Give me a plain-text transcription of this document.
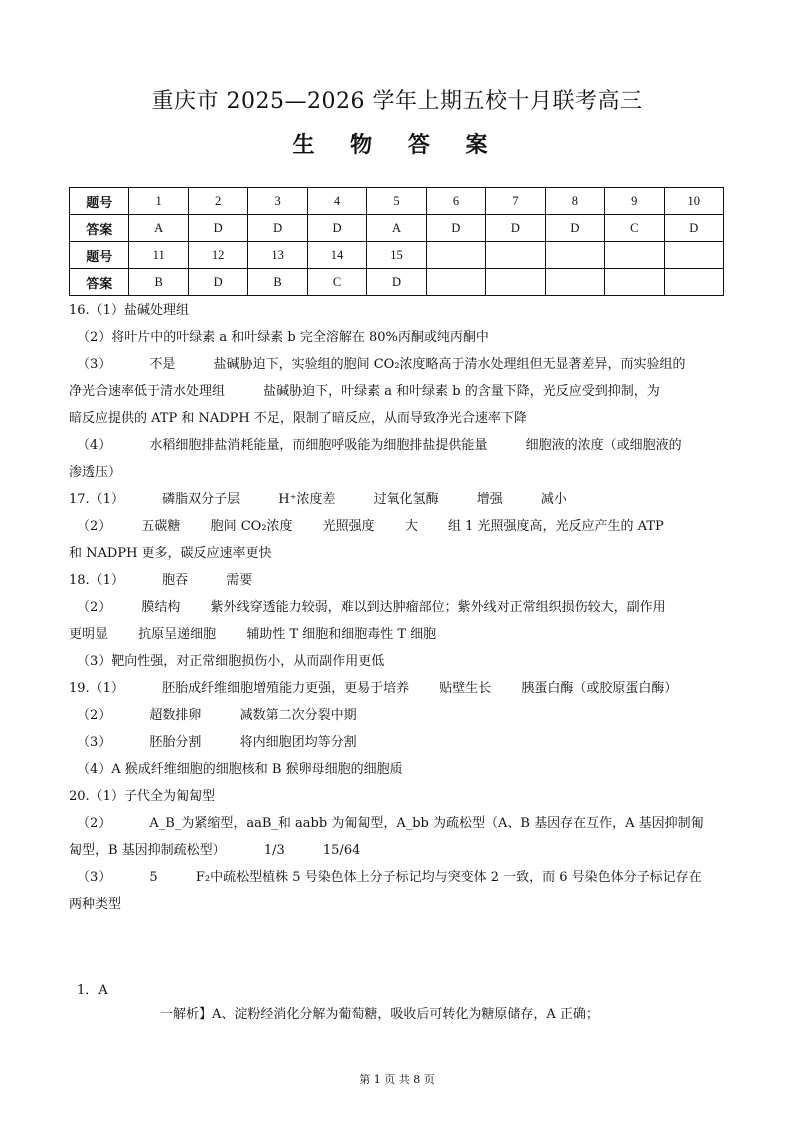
重庆市 2025—2026 学年上期五校十月联考高三
生 物 答 案
题号	1	2	3	4	5	6	7	8	9	10
答案	A	D	D	D	A	D	D	D	C	D
题号	11	12	13	14	15					
答案	B	D	B	C	D					
16.（1）盐碱处理组
（2）将叶片中的叶绿素 a 和叶绿素 b 完全溶解在 80%丙酮或纯丙酮中
（3）	不是	盐碱胁迫下，实验组的胞间 CO₂浓度略高于清水处理组但无显著差异，而实验组的
净光合速率低于清水处理组	盐碱胁迫下，叶绿素 a 和叶绿素 b 的含量下降，光反应受到抑制，为
暗反应提供的 ATP 和 NADPH 不足，限制了暗反应，从而导致净光合速率下降
（4）	水稻细胞排盐消耗能量，而细胞呼吸能为细胞排盐提供能量	细胞液的浓度（或细胞液的
渗透压）
17.（1）	磷脂双分子层	H⁺浓度差	过氧化氢酶	增强	减小
（2） 五碳糖 胞间 CO₂浓度 光照强度 大 组 1 光照强度高，光反应产生的 ATP
和 NADPH 更多，碳反应速率更快
18.（1）	胞吞	需要
（2） 膜结构 紫外线穿透能力较弱，难以到达肿瘤部位；紫外线对正常组织损伤较大，副作用
更明显 抗原呈递细胞 辅助性 T 细胞和细胞毒性 T 细胞
（3）靶向性强，对正常细胞损伤小，从而副作用更低
19.（1）	胚胎成纤维细胞增殖能力更强，更易于培养 贴壁生长 胰蛋白酶（或胶原蛋白酶）
（2）	超数排卵	减数第二次分裂中期
（3）	胚胎分割	将内细胞团均等分割
（4）A 猴成纤维细胞的细胞核和 B 猴卵母细胞的细胞质
20.（1）子代全为匍匐型
（2）	A_B_为紧缩型，aaB_和 aabb 为匍匐型，A_bb 为疏松型（A、B 基因存在互作，A 基因抑制匍
匐型，B 基因抑制疏松型）	1/3	15/64
（3）	5	F₂中疏松型植株 5 号染色体上分子标记均与突变体 2 一致，而 6 号染色体分子标记存在
两种类型
1．A
一解析】A、淀粉经消化分解为葡萄糖，吸收后可转化为糖原储存，A 正确；
第 1 页 共 8 页
